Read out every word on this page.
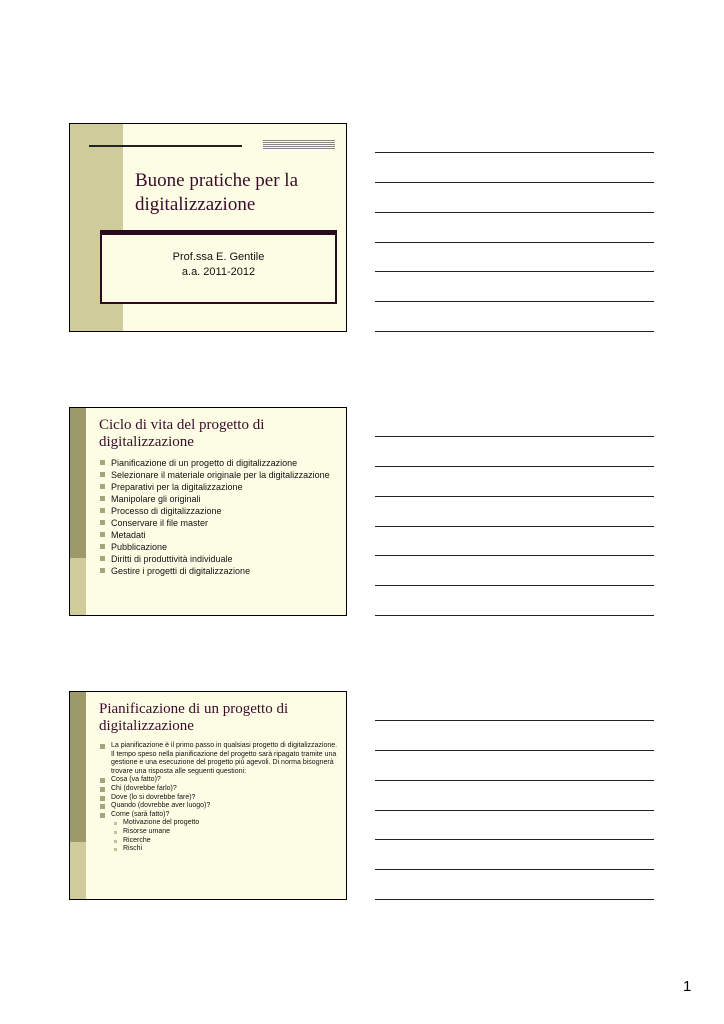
Buone pratiche per la digitalizzazione
Prof.ssa E. Gentile
a.a. 2011-2012
Ciclo di vita del progetto di digitalizzazione
Pianificazione di un progetto di digitalizzazione
Selezionare il materiale originale per la digitalizzazione
Preparativi per la digitalizzazione
Manipolare gli originali
Processo di digitalizzazione
Conservare il file master
Metadati
Pubblicazione
Diritti di produttività individuale
Gestire i progetti di digitalizzazione
Pianificazione di un progetto di digitalizzazione
La pianificazione è il primo passo in qualsiasi progetto di digitalizzazione. Il tempo speso nella pianificazione del progetto sarà ripagato tramite una gestione e una esecuzione del progetto più agevoli. Di norma bisognerà trovare una risposta alle seguenti questioni:
Cosa (va fatto)?
Chi (dovrebbe farlo)?
Dove (lo si dovrebbe fare)?
Quando (dovrebbe aver luogo)?
Come (sarà fatto)?
Motivazione del progetto
Risorse umane
Ricerche
Rischi
1
